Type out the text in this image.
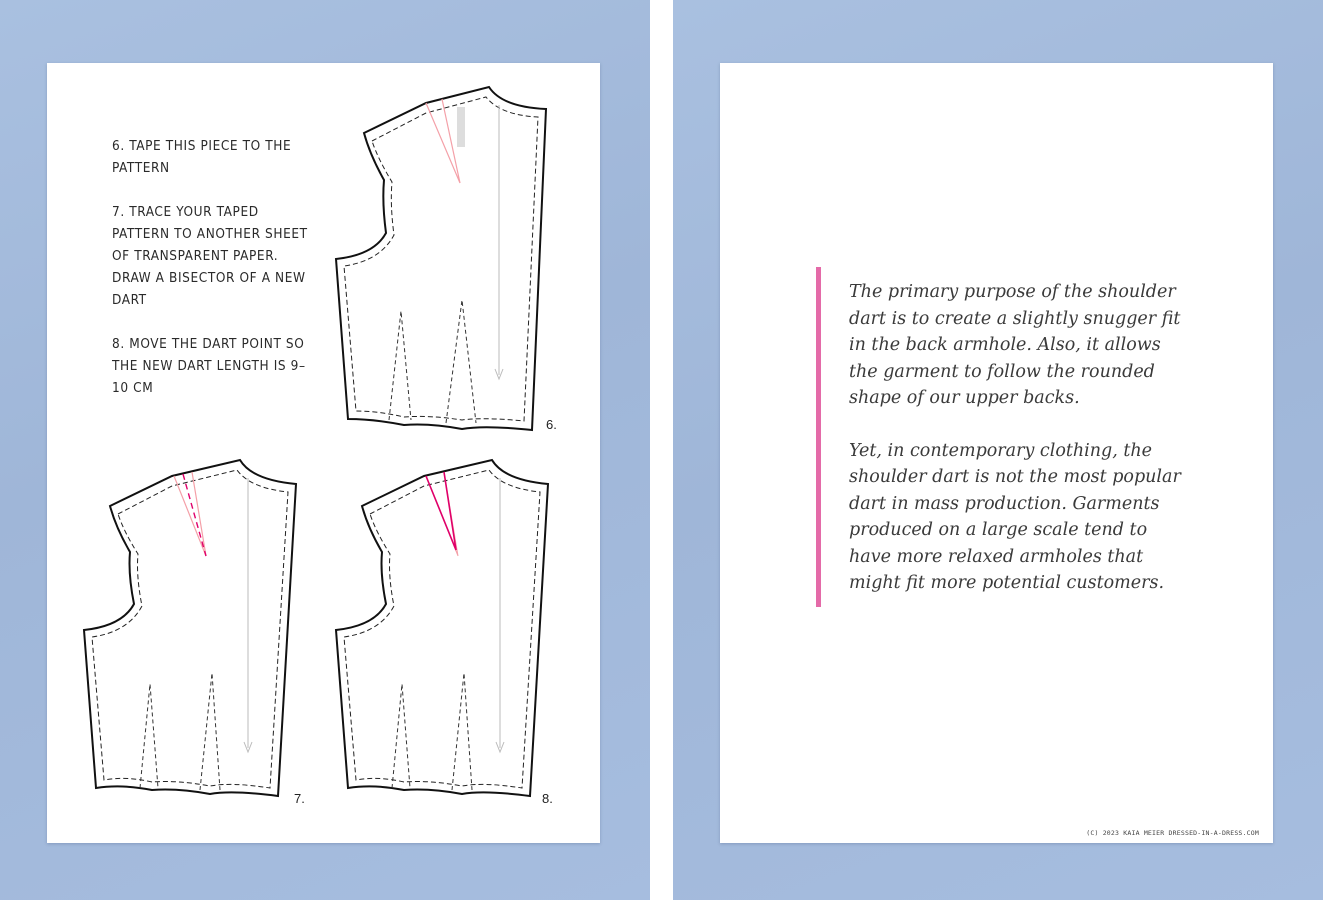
6. TAPE THIS PIECE TO THE PATTERN

7. TRACE YOUR TAPED PATTERN TO ANOTHER SHEET OF TRANSPARENT PAPER. DRAW A BISECTOR OF A NEW DART

8. MOVE THE DART POINT SO THE NEW DART LENGTH IS 9–10 CM

6.
7.	8.

The primary purpose of the shoulder dart is to create a slightly snugger fit in the back armhole. Also, it allows the garment to follow the rounded shape of our upper backs.

Yet, in contemporary clothing, the shoulder dart is not the most popular dart in mass production. Garments produced on a large scale tend to have more relaxed armholes that might fit more potential customers.

(C) 2023 KAIA MEIER DRESSED-IN-A-DRESS.COM
